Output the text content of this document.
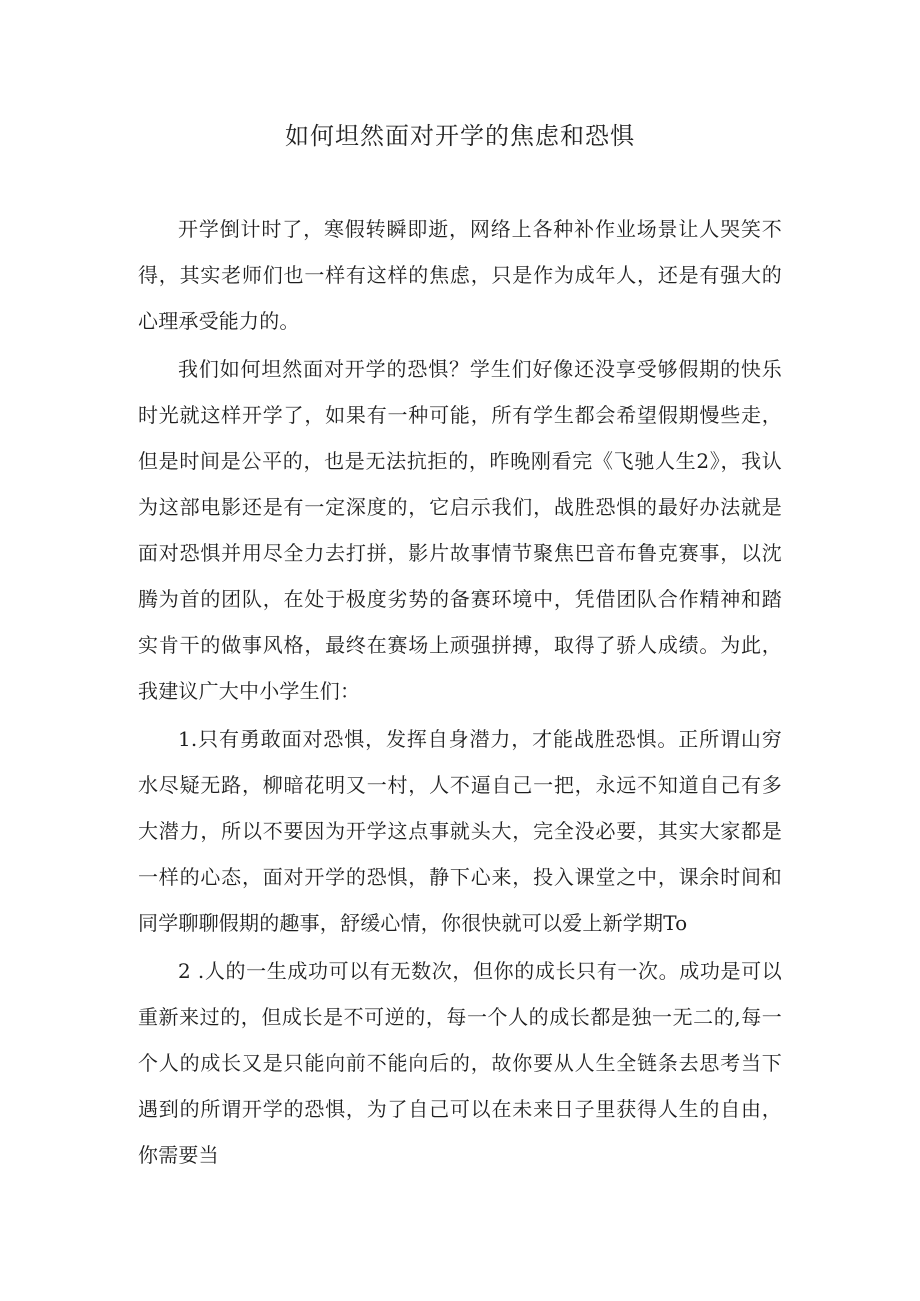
如何坦然面对开学的焦虑和恐惧

开学倒计时了，寒假转瞬即逝，网络上各种补作业场景让人哭笑不得，其实老师们也一样有这样的焦虑，只是作为成年人，还是有强大的心理承受能力的。

我们如何坦然面对开学的恐惧？学生们好像还没享受够假期的快乐时光就这样开学了，如果有一种可能，所有学生都会希望假期慢些走，但是时间是公平的，也是无法抗拒的，昨晚刚看完《飞驰人生2》，我认为这部电影还是有一定深度的，它启示我们，战胜恐惧的最好办法就是面对恐惧并用尽全力去打拼，影片故事情节聚焦巴音布鲁克赛事，以沈腾为首的团队，在处于极度劣势的备赛环境中，凭借团队合作精神和踏实肯干的做事风格，最终在赛场上顽强拼搏，取得了骄人成绩。为此，我建议广大中小学生们：

1.只有勇敢面对恐惧，发挥自身潜力，才能战胜恐惧。正所谓山穷水尽疑无路，柳暗花明又一村，人不逼自己一把，永远不知道自己有多大潜力，所以不要因为开学这点事就头大，完全没必要，其实大家都是一样的心态，面对开学的恐惧，静下心来，投入课堂之中，课余时间和同学聊聊假期的趣事，舒缓心情，你很快就可以爱上新学期To

2 .人的一生成功可以有无数次，但你的成长只有一次。成功是可以重新来过的，但成长是不可逆的，每一个人的成长都是独一无二的,每一个人的成长又是只能向前不能向后的，故你要从人生全链条去思考当下遇到的所谓开学的恐惧，为了自己可以在未来日子里获得人生的自由，你需要当
